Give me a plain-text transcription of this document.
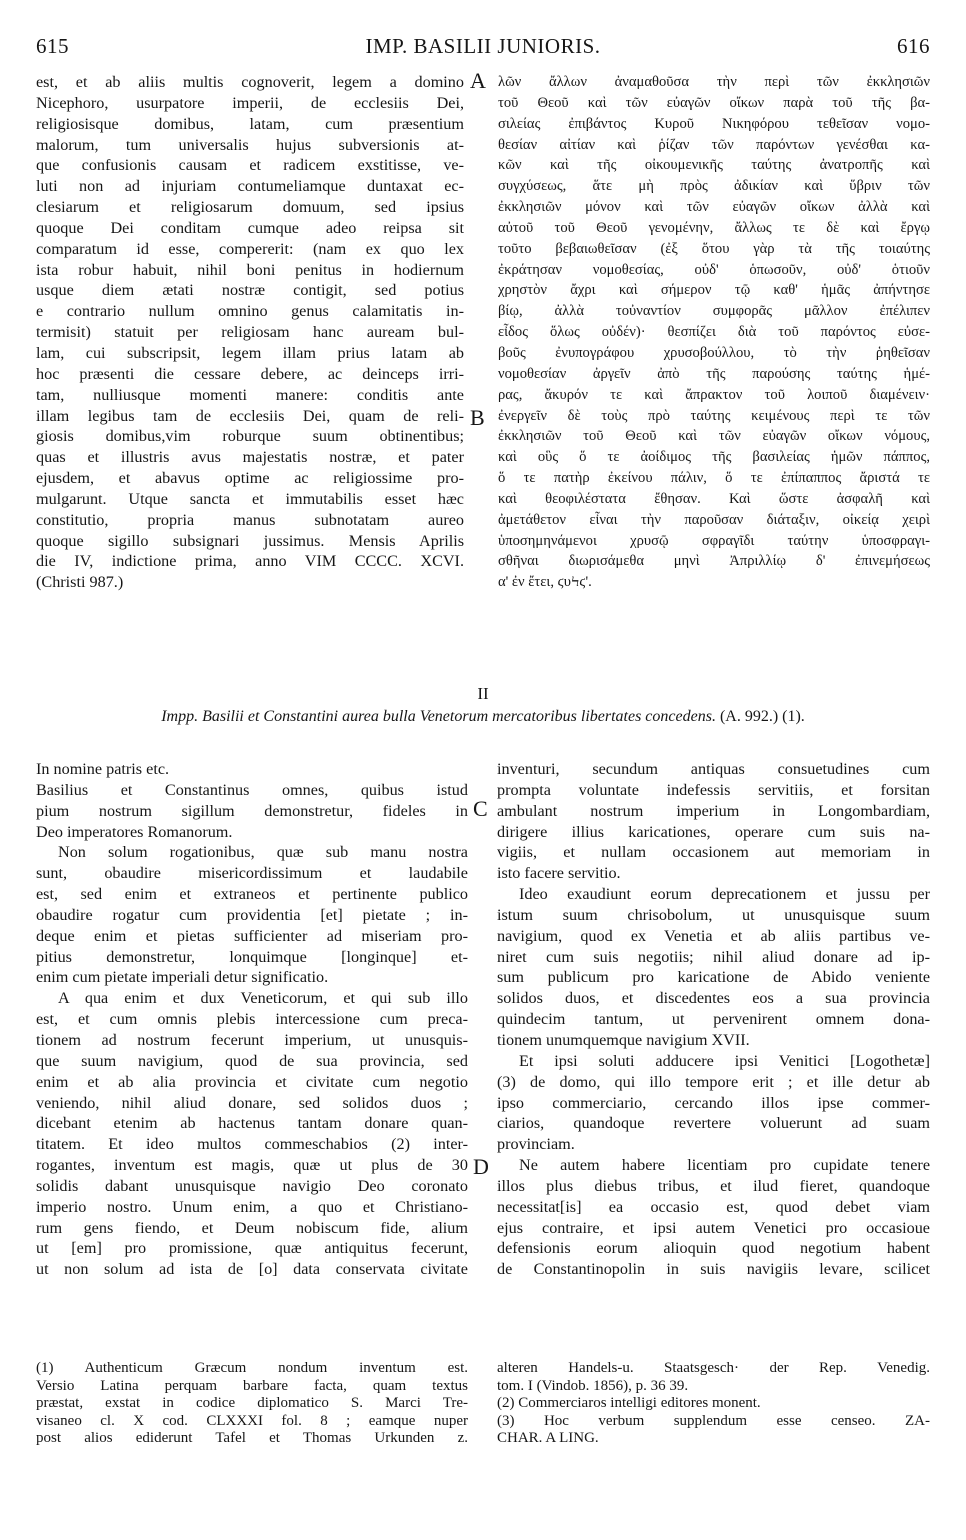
615	IMP. BASILII JUNIORIS.	616
est, et ab aliis multis cognoverit, legem a domino
Nicephoro, usurpatore imperii, de ecclesiis Dei,
religiosisque domibus, latam, cum præsentium
malorum, tum universalis hujus subversionis at-
que confusionis causam et radicem exstitisse, ve-
luti non ad injuriam contumeliamque duntaxat ec-
clesiarum et religiosarum domuum, sed ipsius
quoque Dei conditam cumque adeo reipsa sit
comparatum id esse, compererit: (nam ex quo lex
ista robur habuit, nihil boni penitus in hodiernum
usque diem ætati nostræ contigit, sed potius
e contrario nullum omnino genus calamitatis in-
termisit) statuit per religiosam hanc auream bul-
lam, cui subscripsit, legem illam prius latam ab
hoc præsenti die cessare debere, ac deinceps irri-
tam, nulliusque momenti manere: conditis ante
illam legibus tam de ecclesiis Dei, quam de reli-
giosis domibus,vim roburque suum obtinentibus;
quas et illustris avus majestatis nostræ, et pater
ejusdem, et abavus optime ac religiossime pro-
mulgarunt. Utque sancta et immutabilis esset hæc
constitutio, propria manus subnotatam aureo
quoque sigillo subsignari jussimus. Mensis Aprilis
die IV, indictione prima, anno VIM CCCC. XCVI.
(Christi 987.)
λῶν ἄλλων ἀναμαθοῦσα τὴν περὶ τῶν ἐκκλησιῶν
τοῦ Θεοῦ καὶ τῶν εὐαγῶν οἴκων παρὰ τοῦ τῆς βα-
σιλείας ἐπιβάντος Κυροῦ Νικηφόρου τεθεῖσαν νομο-
θεσίαν αἰτίαν καὶ ῥίζαν τῶν παρόντων γενέσθαι κα-
κῶν καὶ τῆς οἰκουμενικῆς ταύτης ἀνατροπῆς καὶ
συγχύσεως, ἅτε μὴ πρὸς ἀδικίαν καὶ ὕβριν τῶν
ἐκκλησιῶν μόνον καὶ τῶν εὐαγῶν οἴκων ἀλλὰ καὶ
αὐτοῦ τοῦ Θεοῦ γενομένην, ἄλλως τε δὲ καὶ ἔργῳ
τοῦτο βεβαιωθεῖσαν (ἐξ ὅτου γὰρ τὰ τῆς τοιαύτης
ἐκράτησαν νομοθεσίας, οὐδ' ὁπωσοῦν, οὐδ' ὁτιοῦν
χρηστὸν ἄχρι καὶ σήμερον τῷ καθ' ἡμᾶς ἀπήντησε
βίῳ, ἀλλὰ τοὐναντίον συμφορᾶς μᾶλλον ἐπέλιπεν
εἶδος ὅλως οὐδέν)· θεσπίζει διὰ τοῦ παρόντος εὐσε-
βοῦς ἐνυπογράφου χρυσοβούλλου, τὸ τὴν ῥηθεῖσαν
νομοθεσίαν ἀργεῖν ἀπὸ τῆς παρούσης ταύτης ἡμέ-
ρας, ἄκυρόν τε καὶ ἄπρακτον τοῦ λοιποῦ διαμένειν·
ἐνεργεῖν δὲ τοὺς πρὸ ταύτης κειμένους περὶ τε τῶν
ἐκκλησιῶν τοῦ Θεοῦ καὶ τῶν εὐαγῶν οἴκων νόμους,
καὶ οὓς ὅ τε ἀοίδιμος τῆς βασιλείας ἡμῶν πάππος,
ὅ τε πατὴρ ἐκείνου πάλιν, ὅ τε ἐπίπαππος ἄριστά τε
καὶ θεοφιλέστατα ἔθησαν. Καὶ ὥστε ἀσφαλῆ καὶ
ἀμετάθετον εἶναι τὴν παροῦσαν διάταξιν, οἰκείᾳ χειρὶ
ὑποσημηνάμενοι χρυσῷ σφραγῖδι ταύτην ὑποσφραγι-
σθῆναι διωρισάμεθα μηνὶ Ἀπριλλίῳ δ' ἐπινεμήσεως
α' ἐν ἔτει, ϛυϞϛ'.
A
B
II
Impp. Basilii et Constantini aurea bulla Venetorum mercatoribus libertates concedens. (A. 992.) (1).
In nomine patris etc.
Basilius et Constantinus omnes, quibus istud
pium nostrum sigillum demonstretur, fideles in
Deo imperatores Romanorum.
Non solum rogationibus, quæ sub manu nostra
sunt, obaudire misericordissimum et laudabile
est, sed enim et extraneos et pertinente publico
obaudire rogatur cum providentia [et] pietate ; in-
deque enim et pietas sufficienter ad miseriam pro-
pitius demonstretur, lonquimque [longinque] et-
enim cum pietate imperiali detur significatio.
A qua enim et dux Veneticorum, et qui sub illo
est, et cum omnis plebis intercessione cum preca-
tionem ad nostrum fecerunt imperium, ut unusquis-
que suum navigium, quod de sua provincia, sed
enim et ab alia provincia et civitate cum negotio
veniendo, nihil aliud donare, sed solidos duos ;
dicebant etenim ab hactenus tantam donare quan-
titatem. Et ideo multos commeschabios (2) inter-
rogantes, inventum est magis, quæ ut plus de 30
solidis dabant unusquisque navigio Deo coronato
imperio nostro. Unum enim, a quo et Christiano-
rum gens fiendo, et Deum nobiscum fide, alium
ut [em] pro promissione, quæ antiquitus fecerunt,
ut non solum ad ista de [o] data conservata civitate
inventuri, secundum antiquas consuetudines cum
prompta voluntate indefessis servitiis, et forsitan
ambulant nostrum imperium in Longombardiam,
dirigere illius karicationes, operare cum suis na-
vigiis, et nullam occasionem aut memoriam in
isto facere servitio.
Ideo exaudiunt eorum deprecationem et jussu per
istum suum chrisobolum, ut unusquisque suum
navigium, quod ex Venetia et ab aliis partibus ve-
niret cum suis negotiis; nihil aliud donare ad ip-
sum publicum pro karicatione de Abido veniente
solidos duos, et discedentes eos a sua provincia
quindecim tantum, ut pervenirent omnem dona-
tionem unumquemque navigium XVII.
Et ipsi soluti adducere ipsi Venitici [Logothetæ]
(3) de domo, qui illo tempore erit ; et ille detur ab
ipso commerciario, cercando illos ipse commer-
ciarios, quandoque revertere voluerunt ad suam
provinciam.
Ne autem habere licentiam pro cupidate tenere
illos plus diebus tribus, et ilud fieret, quandoque
necessitat[is] ea occasio est, quod debet viam
ejus contraire, et ipsi autem Venetici pro occasioue
defensionis eorum alioquin quod negotium habent
de Constantinopolin in suis navigiis levare, scilicet
C
D
(1) Authenticum Græcum nondum inventum est.
Versio Latina perquam barbare facta, quam textus
præstat, exstat in codice diplomatico S. Marci Tre-
visaneo cl. X cod. CLXXXI fol. 8 ; eamque nuper
post alios ediderunt Tafel et Thomas Urkunden z.
alteren Handels-u. Staatsgesch· der Rep. Venedig.
tom. I (Vindob. 1856), p. 36 39.
(2) Commerciaros intelligi editores monent.
(3) Hoc verbum supplendum esse censeo. ZA-
CHAR. A LING.
